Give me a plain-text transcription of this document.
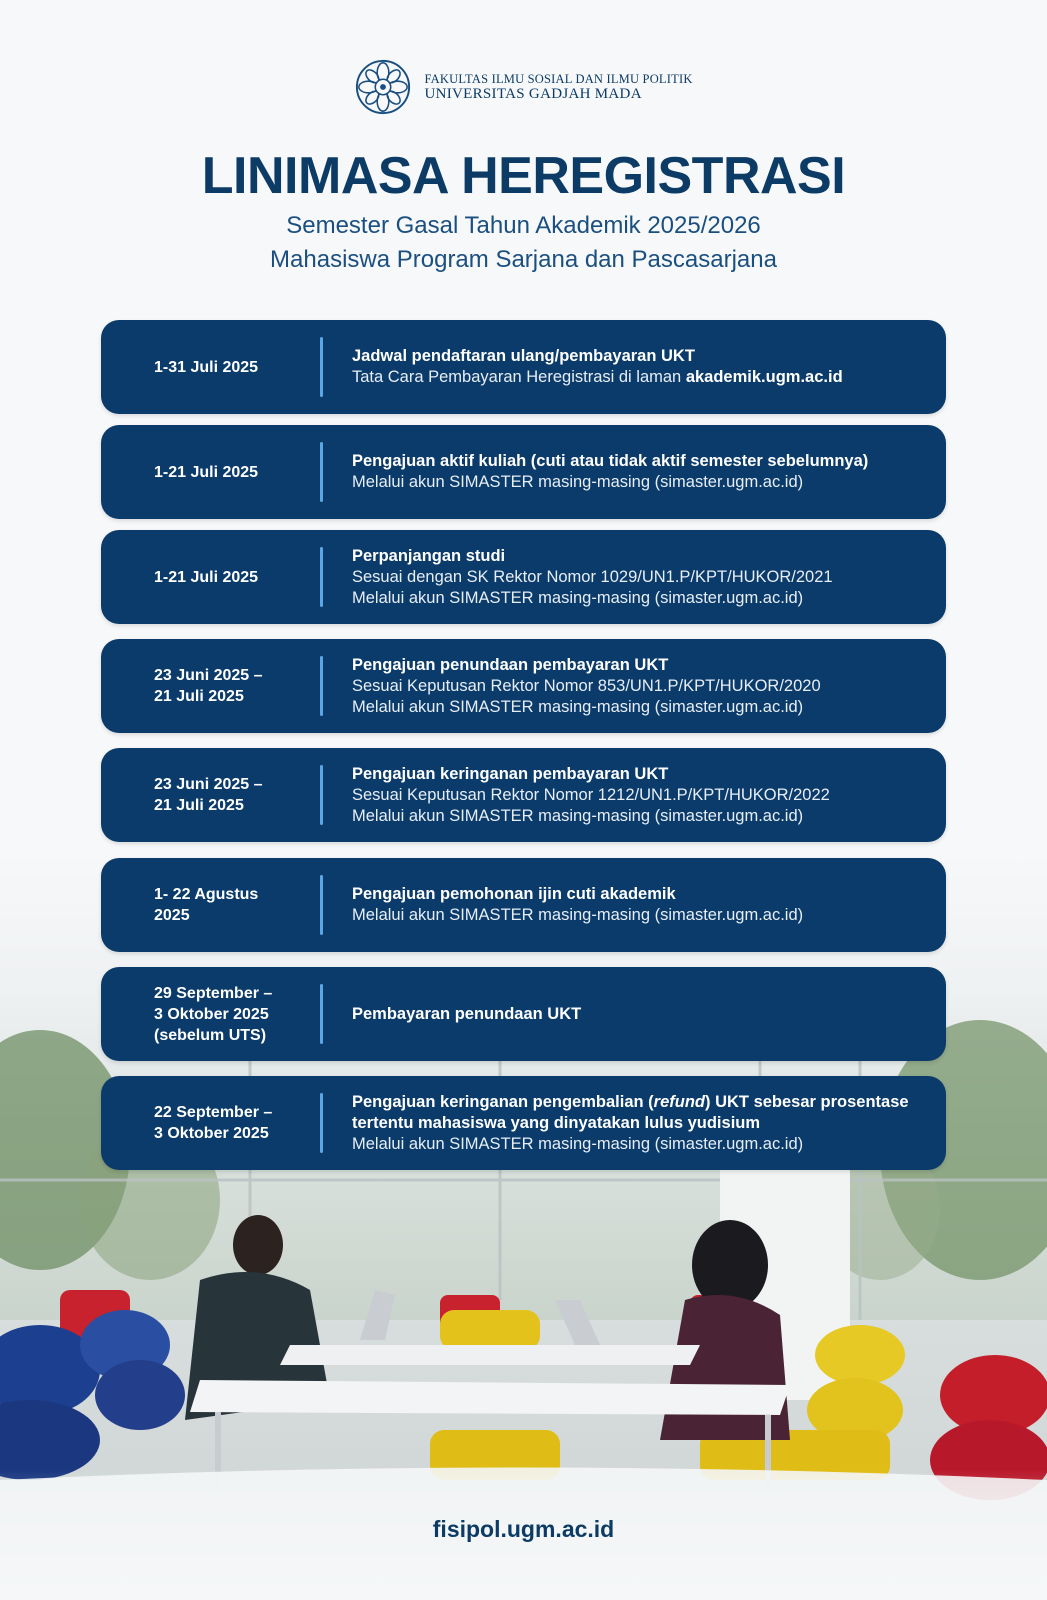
FAKULTAS ILMU SOSIAL DAN ILMU POLITIK
UNIVERSITAS GADJAH MADA
LINIMASA HEREGISTRASI
Semester Gasal Tahun Akademik 2025/2026
Mahasiswa Program Sarjana dan Pascasarjana
1-31 Juli 2025
Jadwal pendaftaran ulang/pembayaran UKT
Tata Cara Pembayaran Heregistrasi di laman akademik.ugm.ac.id
1-21 Juli 2025
Pengajuan aktif kuliah (cuti atau tidak aktif semester sebelumnya)
Melalui akun SIMASTER masing-masing (simaster.ugm.ac.id)
1-21 Juli 2025
Perpanjangan studi
Sesuai dengan SK Rektor Nomor 1029/UN1.P/KPT/HUKOR/2021
Melalui akun SIMASTER masing-masing (simaster.ugm.ac.id)
23 Juni 2025 –
21 Juli 2025
Pengajuan penundaan pembayaran UKT
Sesuai Keputusan Rektor Nomor 853/UN1.P/KPT/HUKOR/2020
Melalui akun SIMASTER masing-masing (simaster.ugm.ac.id)
23 Juni 2025 –
21 Juli 2025
Pengajuan keringanan pembayaran UKT
Sesuai Keputusan Rektor Nomor 1212/UN1.P/KPT/HUKOR/2022
Melalui akun SIMASTER masing-masing (simaster.ugm.ac.id)
1- 22 Agustus
2025
Pengajuan pemohonan ijin cuti akademik
Melalui akun SIMASTER masing-masing (simaster.ugm.ac.id)
29 September –
3 Oktober 2025
(sebelum UTS)
Pembayaran penundaan UKT
22 September –
3 Oktober 2025
Pengajuan keringanan pengembalian (refund) UKT sebesar prosentase tertentu mahasiswa yang dinyatakan lulus yudisium
Melalui akun SIMASTER masing-masing (simaster.ugm.ac.id)
fisipol.ugm.ac.id
